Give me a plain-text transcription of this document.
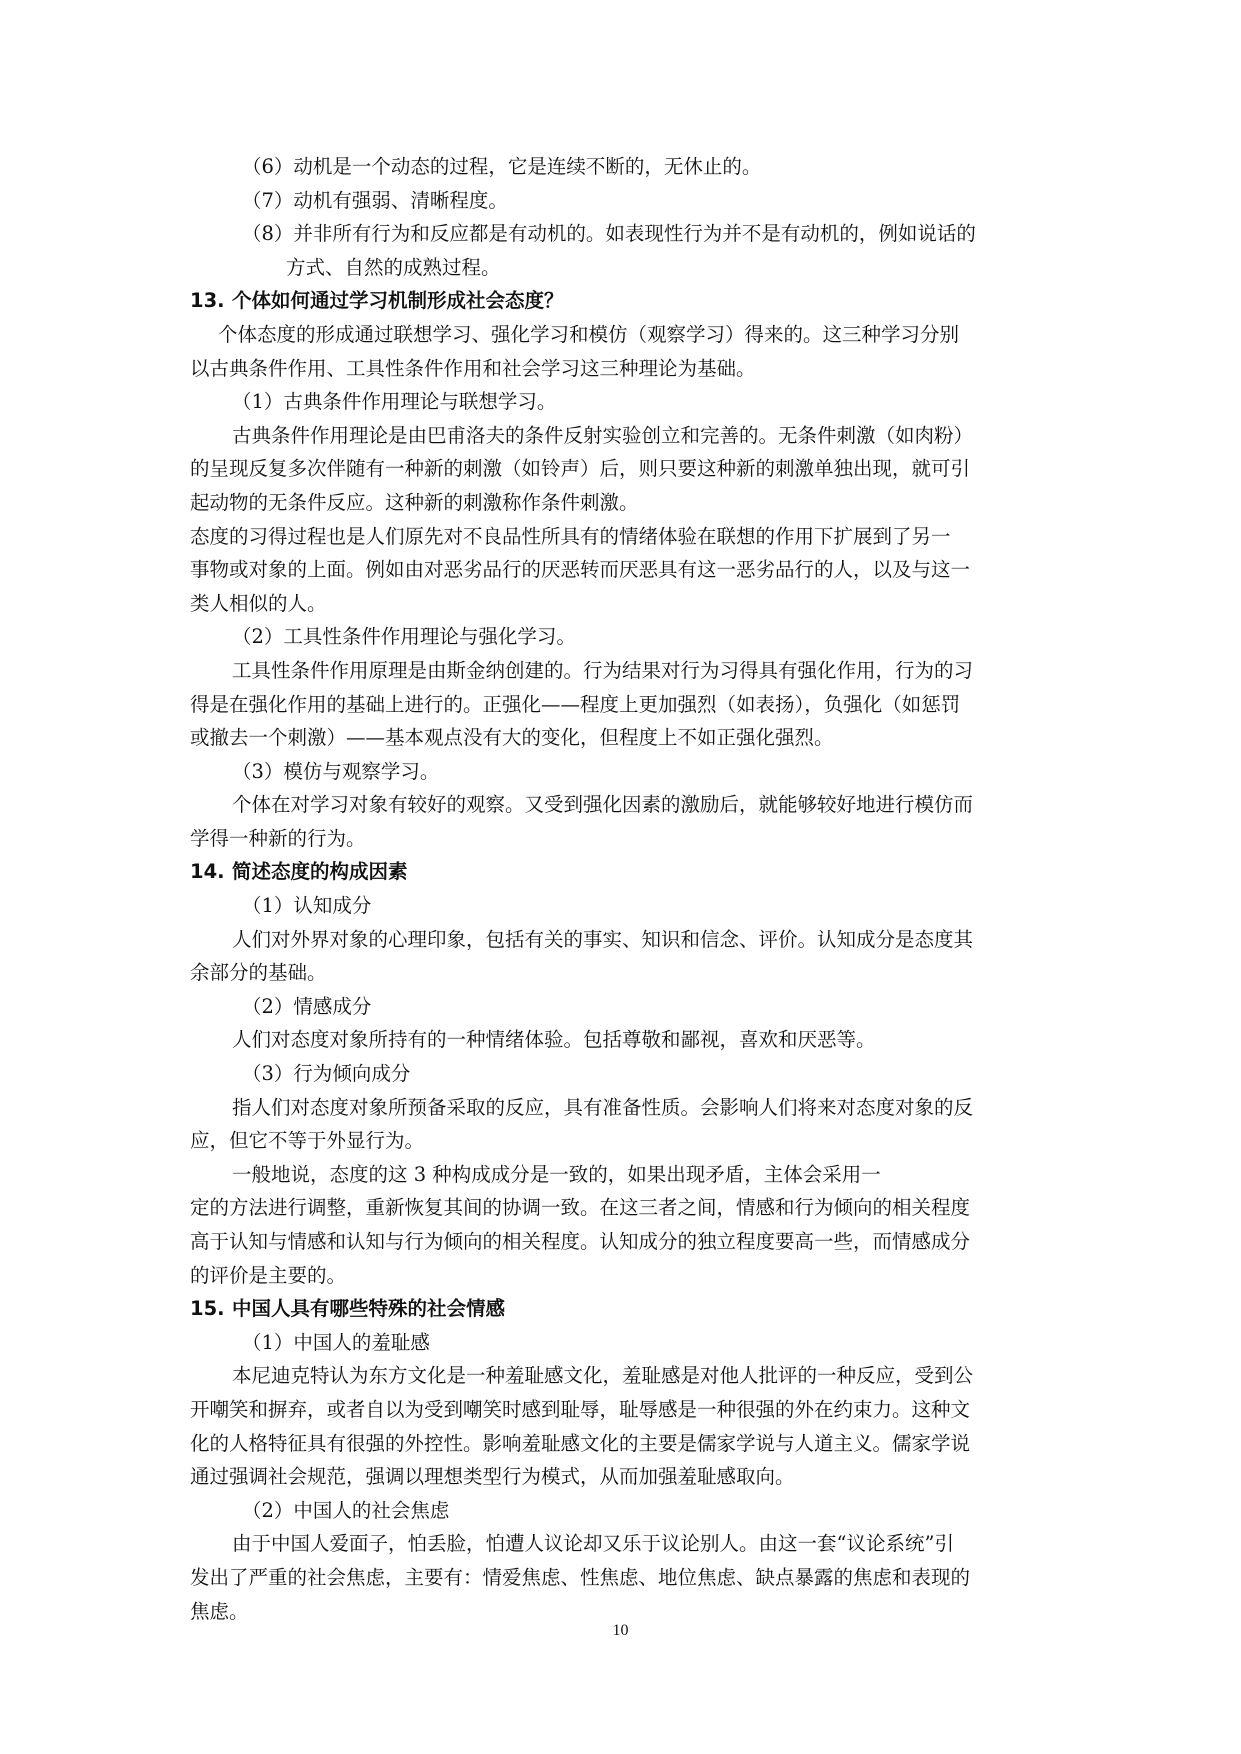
（6）动机是一个动态的过程，它是连续不断的，无休止的。

（7）动机有强弱、清晰程度。

（8）并非所有行为和反应都是有动机的。如表现性行为并不是有动机的，例如说话的

方式、自然的成熟过程。

13. 个体如何通过学习机制形成社会态度？

个体态度的形成通过联想学习、强化学习和模仿（观察学习）得来的。这三种学习分别

以古典条件作用、工具性条件作用和社会学习这三种理论为基础。

（1）古典条件作用理论与联想学习。

古典条件作用理论是由巴甫洛夫的条件反射实验创立和完善的。无条件刺激（如肉粉）

的呈现反复多次伴随有一种新的刺激（如铃声）后，则只要这种新的刺激单独出现，就可引

起动物的无条件反应。这种新的刺激称作条件刺激。

态度的习得过程也是人们原先对不良品性所具有的情绪体验在联想的作用下扩展到了另一

事物或对象的上面。例如由对恶劣品行的厌恶转而厌恶具有这一恶劣品行的人，以及与这一

类人相似的人。

（2）工具性条件作用理论与强化学习。

工具性条件作用原理是由斯金纳创建的。行为结果对行为习得具有强化作用，行为的习

得是在强化作用的基础上进行的。正强化——程度上更加强烈（如表扬），负强化（如惩罚

或撤去一个刺激）——基本观点没有大的变化，但程度上不如正强化强烈。

（3）模仿与观察学习。

个体在对学习对象有较好的观察。又受到强化因素的激励后，就能够较好地进行模仿而

学得一种新的行为。

14. 简述态度的构成因素

（1）认知成分

人们对外界对象的心理印象，包括有关的事实、知识和信念、评价。认知成分是态度其

余部分的基础。

（2）情感成分

人们对态度对象所持有的一种情绪体验。包括尊敬和鄙视，喜欢和厌恶等。

（3）行为倾向成分

指人们对态度对象所预备采取的反应，具有准备性质。会影响人们将来对态度对象的反

应，但它不等于外显行为。

一般地说，态度的这 3 种构成成分是一致的，如果出现矛盾，主体会采用一

定的方法进行调整，重新恢复其间的协调一致。在这三者之间，情感和行为倾向的相关程度

高于认知与情感和认知与行为倾向的相关程度。认知成分的独立程度要高一些，而情感成分

的评价是主要的。

15. 中国人具有哪些特殊的社会情感

（1）中国人的羞耻感

本尼迪克特认为东方文化是一种羞耻感文化，羞耻感是对他人批评的一种反应，受到公

开嘲笑和摒弃，或者自以为受到嘲笑时感到耻辱，耻辱感是一种很强的外在约束力。这种文

化的人格特征具有很强的外控性。影响羞耻感文化的主要是儒家学说与人道主义。儒家学说

通过强调社会规范，强调以理想类型行为模式，从而加强羞耻感取向。

（2）中国人的社会焦虑

由于中国人爱面子，怕丢脸，怕遭人议论却又乐于议论别人。由这一套“议论系统”引

发出了严重的社会焦虑，主要有：情爱焦虑、性焦虑、地位焦虑、缺点暴露的焦虑和表现的

焦虑。

10
